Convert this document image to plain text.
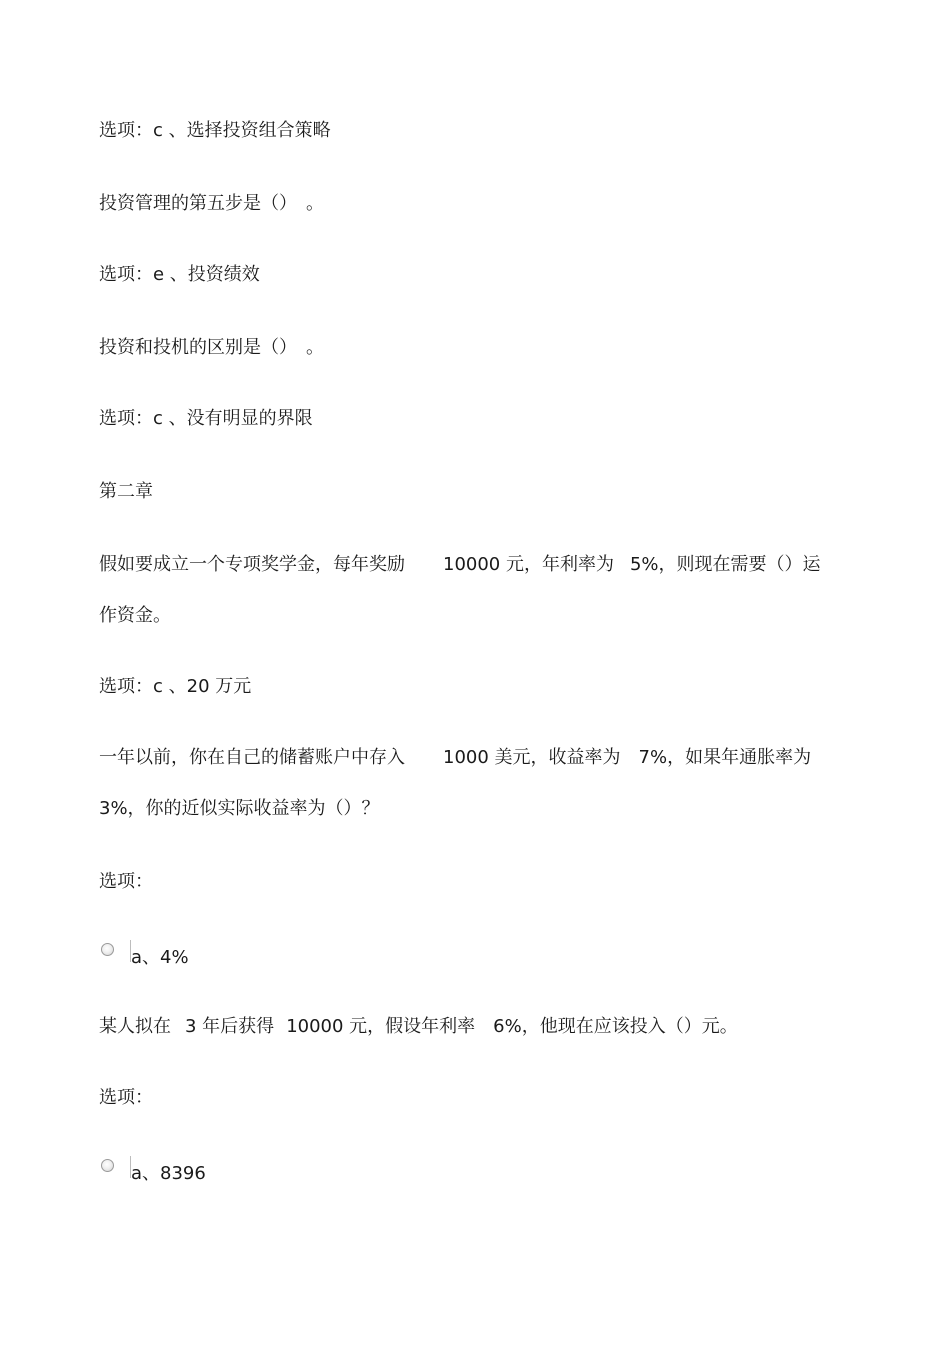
选项：c 、选择投资组合策略
投资管理的第五步是（）　。
选项：e 、投资绩效
投资和投机的区别是（）　。
选项：c 、没有明显的界限
第二章
假如要成立一个专项奖学金，每年奖励 10000 元，年利率为 5%，则现在需要（）运
作资金。
选项：c 、20 万元
一年以前，你在自己的储蓄账户中存入 1000 美元，收益率为 7%，如果年通胀率为
3%，你的近似实际收益率为（）？
选项：
a、4%
某人拟在 3 年后获得 10000 元，假设年利率 6%，他现在应该投入（）元。
选项：
a、8396
